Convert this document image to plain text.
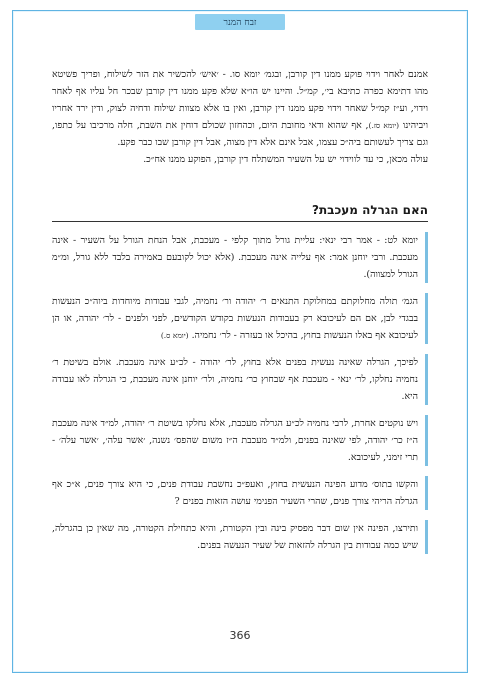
זבח המנר

אמנם לאחר וידוי פוקע ממנו דין קורבן, ובגמ׳ יומא סו. - ׳איש׳ להכשיר את הזר לשילוח, ופריך פשיטא מהו דתימא כפרה כתיבא בי׳, קמ״ל. והיינו יש הו״א שלא פקע ממנו דין קורבן שבכר חל עליו אף לאחר וידוי, וע״ז קמ״ל שאחר וידוי פקע ממנו דין קורבן, ואין בו אלא מצוות שילוח ודחיה לצוק, ודין ירד אחריו ויביהינו (יומא סז.), אף שהוא ודאי מחובת היום, וכהחזון שכולם דוחין את השבת, חלה מרכיבו על כתפו, וגם צריך לעשותם ביה״כ עצמו, אבל אינם אלא דין מצוה, אבל דין קורבן שבו כבר פקע.

עולה מכאן, כי עד לווידוי יש על השעיר המשתלח דין קורבן, הפוקע ממנו אח״כ.

האם הגרלה מעכבת?

יומא לט: - אמר רבי ינאי: עליית גורל מתוך קלפי - מעכבת, אבל הנחת הגורל על השעיר - אינה מעכבת. ורבי יוחנן אמר: אף עלייה אינה מעכבת. (אלא יכול לקובעם באמירה בלבד ללא גורל, ומ״מ הגורל למצווה).

הגמ׳ תולה מחלוקתם במחלוקת התנאים ר׳ יהודה ור׳ נחמיה, לגבי עבודות מיוחדות ביוה״כ הנעשות בבגדי לבן, אם הם לעיכובא רק בעבודות הנעשות בקודש הקודשים, לפני ולפנים - לר׳ יהודה, או הן לעיכובא אף באלו הנעשות בחוץ, בהיכל או בעזרה - לר׳ נחמיה. (יומא ס.)

לפיכך, הגרלה שאינה נעשית בפנים אלא בחוץ, לר׳ יהודה - לכ״ע אינה מעכבת. אולם בשיטת ר׳ נחמיה נחלקו, לר׳ ינאי - מעכבת אף שבחוץ כר׳ נחמיה, ולר׳ יוחנן אינה מעכבת, כי הגרלה לאו עבודה היא.

ויש נוקטים אחרת, לרבי נחמיה לכ״ע הגרלה מעכבת, אלא נחלקו בשיטת ר׳ יהודה, למ״ד אינה מעכבת ה״ז כר׳ יהודה, לפי שאינה בפנים, ולמ״ד מעכבת ה״ז משום שהפס׳ נשנה, ׳אשר עלה׳, ׳אשר עלה׳ - תרי זימני, לעיכובא.

והקשו בתוס׳ מדוע הפינה הנעשית בחוץ, ואעפ״כ נחשבת עבודת פנים, כי היא צורך פנים, א״כ אף הגרלה הריהי צורך פנים, שהרי השעיר הפנימי עושה הזאות בפנים ?

ותירצו, הפינה אין שום דבר מפסיק בינה ובין הקטורת, והיא כתחילת הקטורה, מה שאין כן בהגרלה, שיש כמה עבודות בין הגרלה להזאות של שעיר הנעשה בפנים.

366
